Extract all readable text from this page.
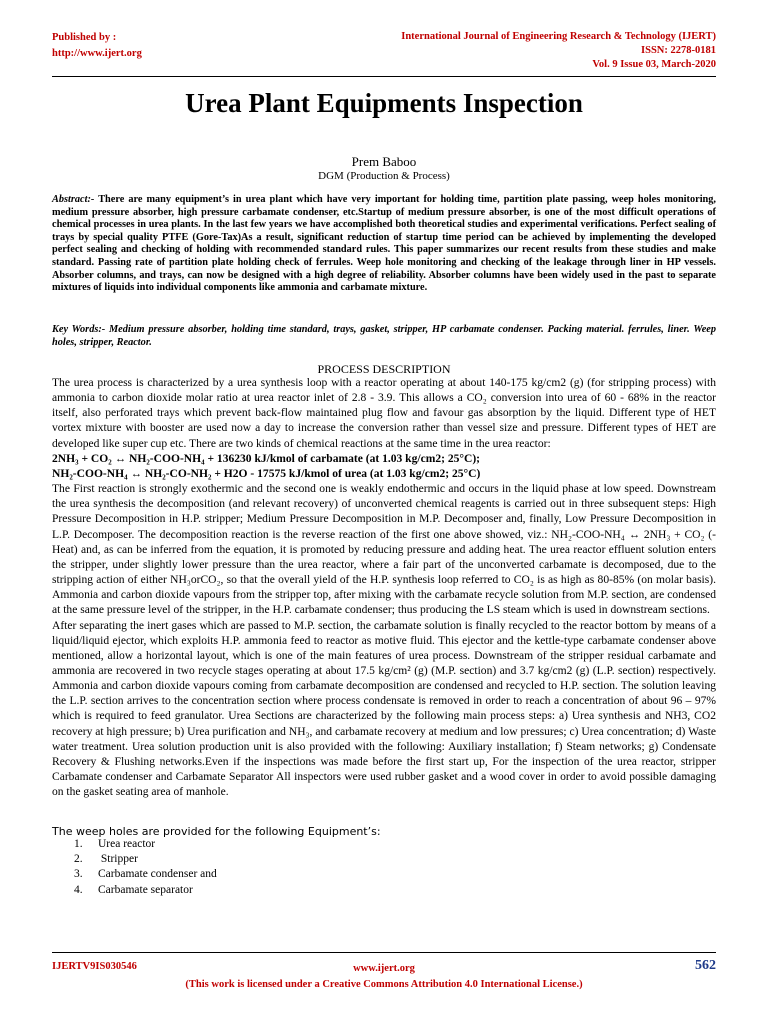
Published by :
http://www.ijert.org
International Journal of Engineering Research & Technology (IJERT)
ISSN: 2278-0181
Vol. 9 Issue 03, March-2020
Urea Plant Equipments Inspection
Prem Baboo
DGM (Production & Process)
Abstract:- There are many equipment’s in urea plant which have very important for holding time, partition plate passing, weep holes monitoring, medium pressure absorber, high pressure carbamate condenser, etc.Startup of medium pressure absorber, is one of the most difficult operations of chemical processes in urea plants. In the last few years we have accomplished both theoretical studies and experimental verifications. Perfect sealing of trays by special quality PTFE (Gore-Tax)As a result, significant reduction of startup time period can be achieved by implementing the developed perfect sealing and checking of holding with recommended standard rules. This paper summarizes our recent results from these studies and make standard. Passing rate of partition plate holding check of ferrules. Weep hole monitoring and checking of the leakage through liner in HP vessels. Absorber columns, and trays, can now be designed with a high degree of reliability. Absorber columns have been widely used in the past to separate mixtures of liquids into individual components like ammonia and carbamate mixture.
Key Words:- Medium pressure absorber, holding time standard, trays, gasket, stripper, HP carbamate condenser. Packing material. ferrules, liner. Weep holes, stripper, Reactor.
PROCESS DESCRIPTION

The urea process is characterized by a urea synthesis loop with a reactor operating at about 140-175 kg/cm2 (g) (for stripping process) with ammonia to carbon dioxide molar ratio at urea reactor inlet of 2.8 - 3.9. This allows a CO₂ conversion into urea of 60 - 68% in the reactor itself, also perforated trays which prevent back-flow maintained plug flow and favour gas absorption by the liquid. Different type of HET vortex mixture with booster are used now a day to increase the conversion rather than vessel size and pressure. Different types of HET are developed like super cup etc. There are two kinds of chemical reactions at the same time in the urea reactor:

2NH₃ + CO₂ ↔ NH₂-COO-NH₄ + 136230 kJ/kmol of carbamate (at 1.03 kg/cm2; 25°C);

NH₂-COO-NH₄ ↔ NH₂-CO-NH₂ + H2O - 17575 kJ/kmol of urea (at 1.03 kg/cm2; 25°C)

The First reaction is strongly exothermic and the second one is weakly endothermic and occurs in the liquid phase at low speed. Downstream the urea synthesis the decomposition (and relevant recovery) of unconverted chemical reagents is carried out in three subsequent steps: High Pressure Decomposition in H.P. stripper; Medium Pressure Decomposition in M.P. Decomposer and, finally, Low Pressure Decomposition in L.P. Decomposer. The decomposition reaction is the reverse reaction of the first one above showed, viz.: NH₂-COO-NH₄ ↔ 2NH₃ + CO₂ (- Heat) and, as can be inferred from the equation, it is promoted by reducing pressure and adding heat. The urea reactor effluent solution enters the stripper, under slightly lower pressure than the urea reactor, where a fair part of the unconverted carbamate is decomposed, due to the stripping action of either NH₃orCO₂, so that the overall yield of the H.P. synthesis loop referred to CO₂ is as high as 80-85% (on molar basis). Ammonia and carbon dioxide vapours from the stripper top, after mixing with the carbamate recycle solution from M.P. section, are condensed at the same pressure level of the stripper, in the H.P. carbamate condenser; thus producing the LS steam which is used in downstream sections.

After separating the inert gases which are passed to M.P. section, the carbamate solution is finally recycled to the reactor bottom by means of a liquid/liquid ejector, which exploits H.P. ammonia feed to reactor as motive fluid. This ejector and the kettle-type carbamate condenser above mentioned, allow a horizontal layout, which is one of the main features of urea process. Downstream of the stripper residual carbamate and ammonia are recovered in two recycle stages operating at about 17.5 kg/cm² (g) (M.P. section) and 3.7 kg/cm2 (g) (L.P. section) respectively. Ammonia and carbon dioxide vapours coming from carbamate decomposition are condensed and recycled to H.P. section. The solution leaving the L.P. section arrives to the concentration section where process condensate is removed in order to reach a concentration of about 96 – 97% which is required to feed granulator. Urea Sections are characterized by the following main process steps: a) Urea synthesis and NH3, CO2 recovery at high pressure; b) Urea purification and NH₃, and carbamate recovery at medium and low pressures; c) Urea concentration; d) Waste water treatment. Urea solution production unit is also provided with the following: Auxiliary installation; f) Steam networks; g) Condensate Recovery & Flushing networks.Even if the inspections was made before the first start up, For the inspection of the urea reactor, stripper Carbamate condenser and Carbamate Separator All inspectors were used rubber gasket and a wood cover in order to avoid possible damaging on the gasket seating area of manhole.

The weep holes are provided for the following Equipment’s:
1. Urea reactor
2. Stripper
3. Carbamate condenser and
4. Carbamate separator
IJERTV9IS030546	www.ijert.org
(This work is licensed under a Creative Commons Attribution 4.0 International License.)
562
